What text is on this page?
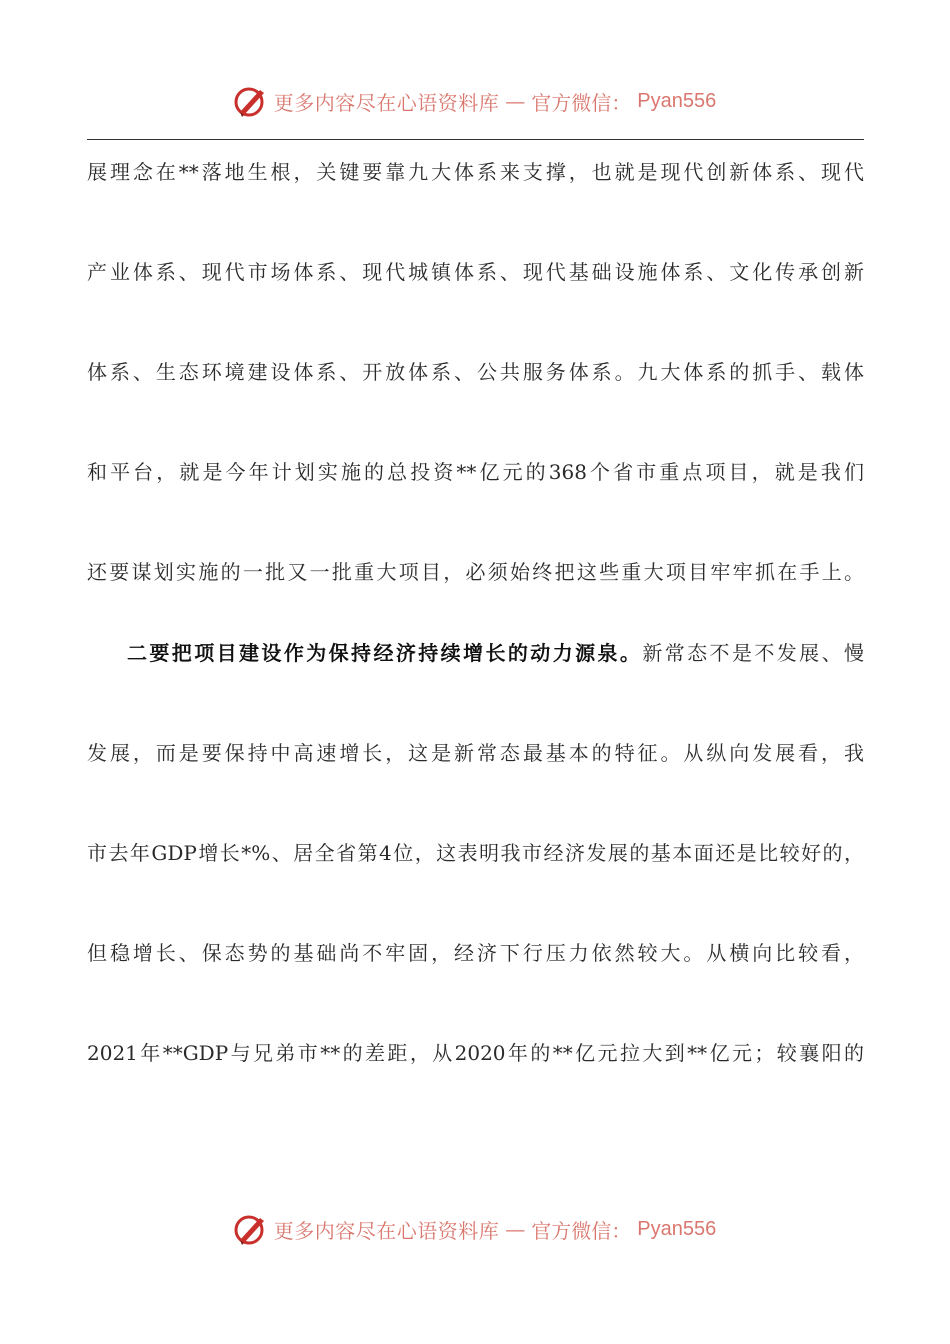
更多内容尽在心语资料库 — 官方微信： Pyan556
展理念在**落地生根，关键要靠九大体系来支撑，也就是现代创新体系、现代
产业体系、现代市场体系、现代城镇体系、现代基础设施体系、文化传承创新
体系、生态环境建设体系、开放体系、公共服务体系。九大体系的抓手、载体
和平台，就是今年计划实施的总投资**亿元的368个省市重点项目，就是我们
还要谋划实施的一批又一批重大项目，必须始终把这些重大项目牢牢抓在手上。
二要把项目建设作为保持经济持续增长的动力源泉。新常态不是不发展、慢
发展，而是要保持中高速增长，这是新常态最基本的特征。从纵向发展看，我
市去年GDP增长*%、居全省第4位，这表明我市经济发展的基本面还是比较好的，
但稳增长、保态势的基础尚不牢固，经济下行压力依然较大。从横向比较看，
2021年**GDP与兄弟市**的差距，从2020年的**亿元拉大到**亿元；较襄阳的
更多内容尽在心语资料库 — 官方微信： Pyan556
